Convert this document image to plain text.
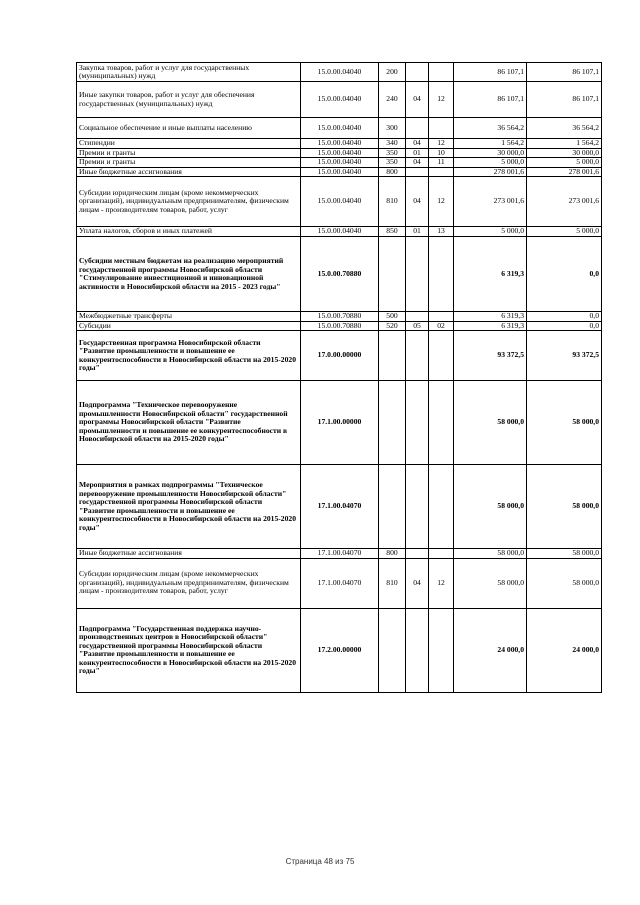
Закупка товаров, работ и услуг для государственных (муниципальных) нужд	15.0.00.04040	200			86 107,1	86 107,1
Иные закупки товаров, работ и услуг для обеспечения государственных (муниципальных) нужд	15.0.00.04040	240	04	12	86 107,1	86 107,1
Социальное обеспечение и иные выплаты населению	15.0.00.04040	300			36 564,2	36 564,2
Стипендии	15.0.00.04040	340	04	12	1 564,2	1 564,2
Премии и гранты	15.0.00.04040	350	01	10	30 000,0	30 000,0
Премии и гранты	15.0.00.04040	350	04	11	5 000,0	5 000,0
Иные бюджетные ассигнования	15.0.00.04040	800			278 001,6	278 001,6
Субсидии юридическим лицам (кроме некоммерческих организаций), индивидуальным предпринимателям, физическим лицам - производителям товаров, работ, услуг	15.0.00.04040	810	04	12	273 001,6	273 001,6
Уплата налогов, сборов и иных платежей	15.0.00.04040	850	01	13	5 000,0	5 000,0
Субсидии местным бюджетам на реализацию мероприятий государственной программы Новосибирской области "Стимулирование инвестиционной и инновационной активности в Новосибирской области на 2015 - 2023 годы"	15.0.00.70880				6 319,3	0,0
Межбюджетные трансферты	15.0.00.70880	500			6 319,3	0,0
Субсидии	15.0.00.70880	520	05	02	6 319,3	0,0
Государственная программа Новосибирской области "Развитие промышленности и повышение ее конкурентоспособности в Новосибирской области на 2015-2020 годы"	17.0.00.00000				93 372,5	93 372,5
Подпрограмма "Техническое перевооружение промышленности Новосибирской области" государственной программы Новосибирской области "Развитие промышленности и повышение ее конкурентоспособности в Новосибирской области на 2015-2020 годы"	17.1.00.00000				58 000,0	58 000,0
Мероприятия в рамках подпрограммы "Техническое перевооружение промышленности Новосибирской области" государственной программы Новосибирской области "Развитие промышленности и повышение ее конкурентоспособности в Новосибирской области на 2015-2020 годы"	17.1.00.04070				58 000,0	58 000,0
Иные бюджетные ассигнования	17.1.00.04070	800			58 000,0	58 000,0
Субсидии юридическим лицам (кроме некоммерческих организаций), индивидуальным предпринимателям, физическим лицам - производителям товаров, работ, услуг	17.1.00.04070	810	04	12	58 000,0	58 000,0
Подпрограмма "Государственная поддержка научно-производственных центров в Новосибирской области" государственной программы Новосибирской области "Развитие промышленности и повышение ее конкурентоспособности в Новосибирской области на 2015-2020 годы"	17.2.00.00000				24 000,0	24 000,0
Страница 48 из 75
